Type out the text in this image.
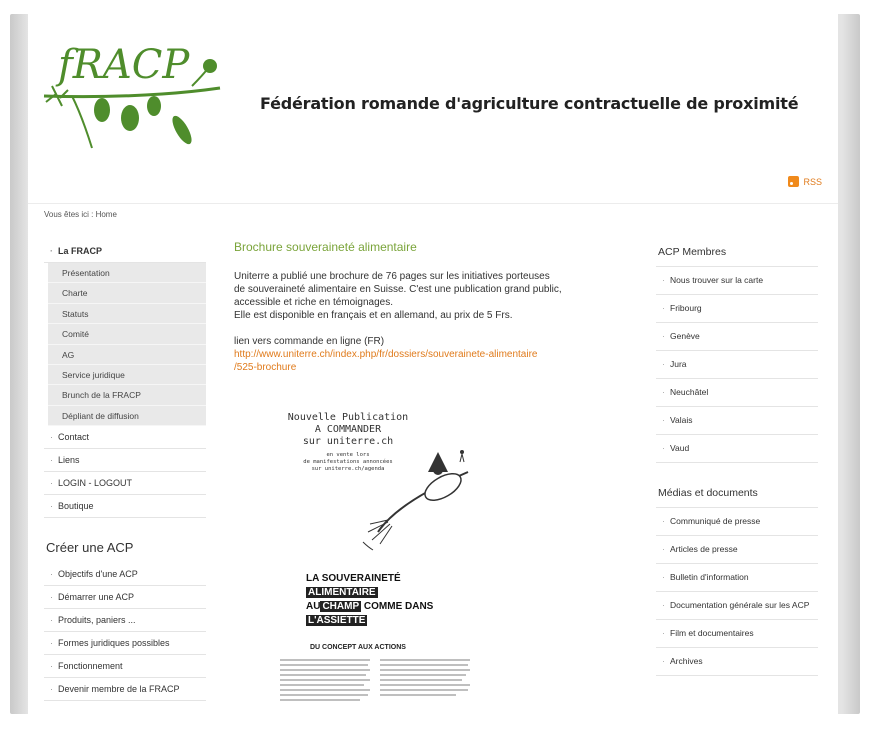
fRACP
Fédération romande d'agriculture contractuelle de proximité
RSS
Vous êtes ici : Home
· La FRACP
Présentation
Charte
Statuts
Comité
AG
Service juridique
Brunch de la FRACP
Dépliant de diffusion
· Contact
· Liens
· LOGIN - LOGOUT
· Boutique
Créer une ACP
· Objectifs d'une ACP
· Démarrer une ACP
· Produits, paniers ...
· Formes juridiques possibles
· Fonctionnement
· Devenir membre de la FRACP
Brochure souveraineté alimentaire
Uniterre a publié une brochure de 76 pages sur les initiatives porteuses
de souveraineté alimentaire en Suisse. C'est une publication grand public,
accessible et riche en témoignages.
Elle est disponible en français et en allemand, au prix de 5 Frs.
lien vers commande en ligne (FR)
http://www.uniterre.ch/index.php/fr/dossiers/souverainete-alimentaire
/525-brochure
Nouvelle Publication
A COMMANDER
sur uniterre.ch
en vente lors
de manifestations annoncées
sur uniterre.ch/agenda
LA SOUVERAINETÉ
ALIMENTAIRE
AU CHAMP COMME DANS
L'ASSIETTE
DU CONCEPT AUX ACTIONS
ACP Membres
· Nous trouver sur la carte
· Fribourg
· Genève
· Jura
· Neuchâtel
· Valais
· Vaud
Médias et documents
· Communiqué de presse
· Articles de presse
· Bulletin d'information
· Documentation générale sur les ACP
· Film et documentaires
· Archives
